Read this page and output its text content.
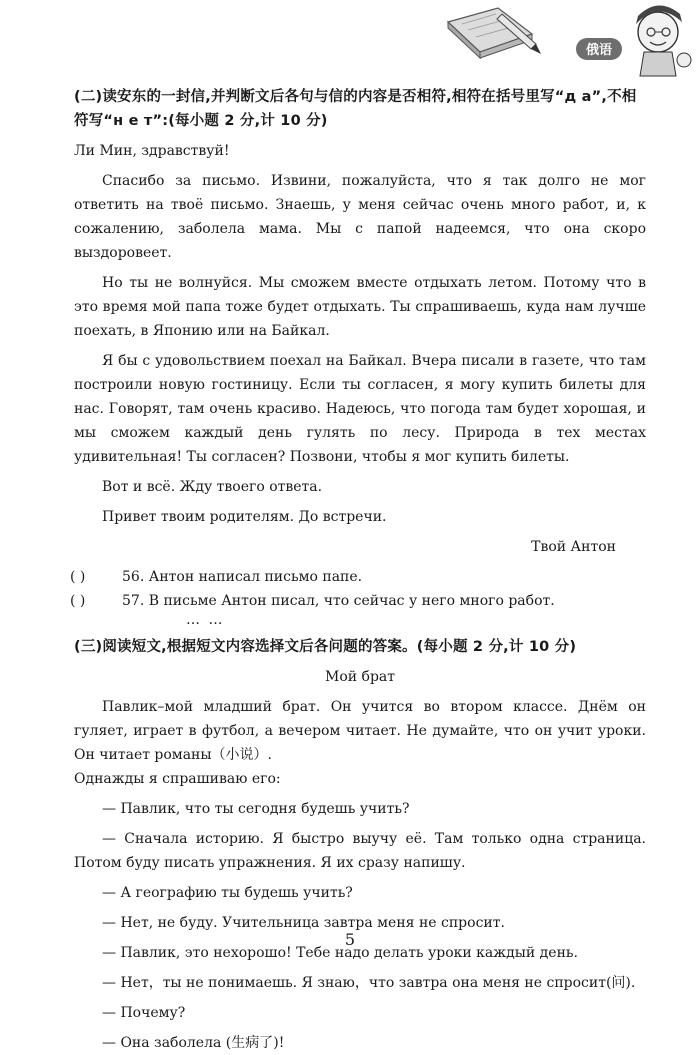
俄语
(二)读安东的一封信,并判断文后各句与信的内容是否相符,相符在括号里写“д а”,不相
符写“н е т”:(每小题 2 分,计 10 分)

Ли Мин, здравствуй!

Спасибо за письмо. Извини, пожалуйста, что я так долго не мог ответить на твоё письмо. Знаешь, у меня сейчас очень много работ, и, к сожалению, заболела мама. Мы с папой надеемся, что она скоро выздоровеет.

Но ты не волнуйся. Мы сможем вместе отдыхать летом. Потому что в это время мой папа тоже будет отдыхать. Ты спрашиваешь, куда нам лучше поехать, в Японию или на Байкал.

Я бы с удовольствием поехал на Байкал. Вчера писали в газете, что там построили новую гостиницу. Если ты согласен, я могу купить билеты для нас. Говорят, там очень красиво. Надеюсь, что погода там будет хорошая, и мы сможем каждый день гулять по лесу. Природа в тех местах удивительная! Ты согласен? Позвони, чтобы я мог купить билеты.

Вот и всё. Жду твоего ответа.

Привет твоим родителям. До встречи.

Твой Антон

( )	56. Антон написал письмо папе.
( )	57. В письме Антон писал, что сейчас у него много работ.
… …
(三)阅读短文,根据短文内容选择文后各问题的答案。(每小题 2 分,计 10 分)

Мой брат

Павлик–мой младший брат. Он учится во втором классе. Днём он гуляет, играет в футбол, а вечером читает. Не думайте, что он учит уроки. Он читает романы（小说）.

Однажды я спрашиваю его:

— Павлик, что ты сегодня будешь учить?

— Сначала историю. Я быстро выучу её. Там только одна страница. Потом буду писать упражнения. Я их сразу напишу.

— А географию ты будешь учить?

— Нет, не буду. Учительница завтра меня не спросит.

— Павлик, это нехорошо! Тебе надо делать уроки каждый день.

— Нет，ты не понимаешь. Я знаю，что завтра она меня не спросит(问).

— Почему?

— Она заболела (生病了)!

5
